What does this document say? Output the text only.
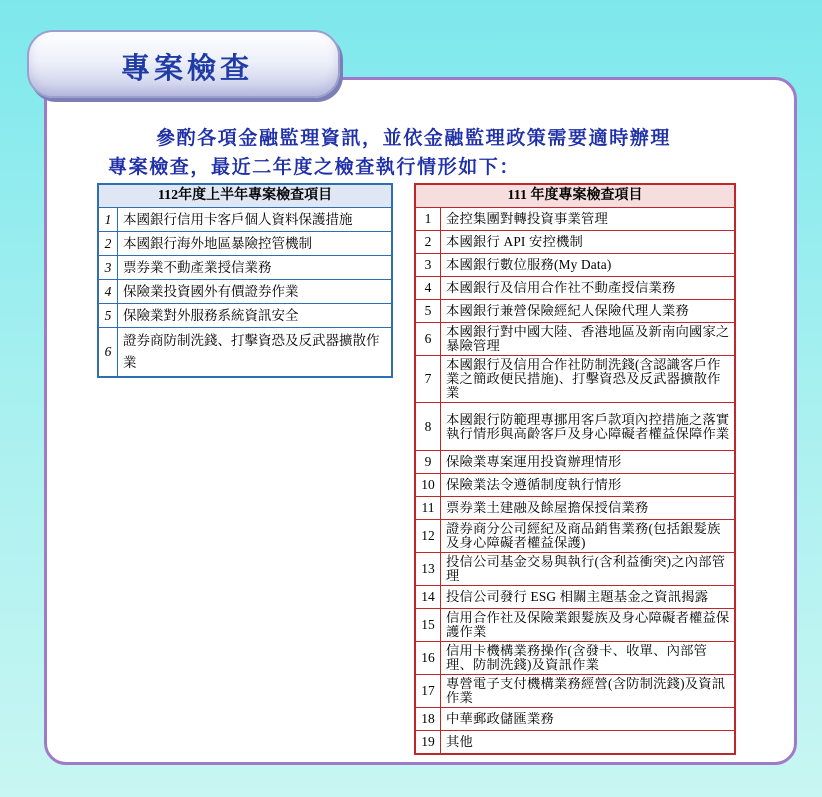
專案檢查
參酌各項金融監理資訊，並依金融監理政策需要適時辦理
專案檢查，最近二年度之檢查執行情形如下：
112年度上半年專案檢查項目	
1	本國銀行信用卡客戶個人資料保護措施
2	本國銀行海外地區暴險控管機制
3	票券業不動產業授信業務
4	保險業投資國外有價證券作業
5	保險業對外服務系統資訊安全
6	證券商防制洗錢、打擊資恐及反武器擴散作業
111 年度專案檢查項目	
1	金控集團對轉投資事業管理
2	本國銀行 API 安控機制
3	本國銀行數位服務(My Data)
4	本國銀行及信用合作社不動產授信業務
5	本國銀行兼營保險經紀人保險代理人業務
6	本國銀行對中國大陸、香港地區及新南向國家之暴險管理
7	本國銀行及信用合作社防制洗錢(含認識客戶作業之簡政便民措施)、打擊資恐及反武器擴散作業
8	本國銀行防範理專挪用客戶款項內控措施之落實執行情形與高齡客戶及身心障礙者權益保障作業
9	保險業專案運用投資辦理情形
10	保險業法令遵循制度執行情形
11	票券業土建融及餘屋擔保授信業務
12	證券商分公司經紀及商品銷售業務(包括銀髮族及身心障礙者權益保護)
13	投信公司基金交易與執行(含利益衝突)之內部管理
14	投信公司發行 ESG 相關主題基金之資訊揭露
15	信用合作社及保險業銀髮族及身心障礙者權益保護作業
16	信用卡機構業務操作(含發卡、收單、內部管理、防制洗錢)及資訊作業
17	專營電子支付機構業務經營(含防制洗錢)及資訊作業
18	中華郵政儲匯業務
19	其他
